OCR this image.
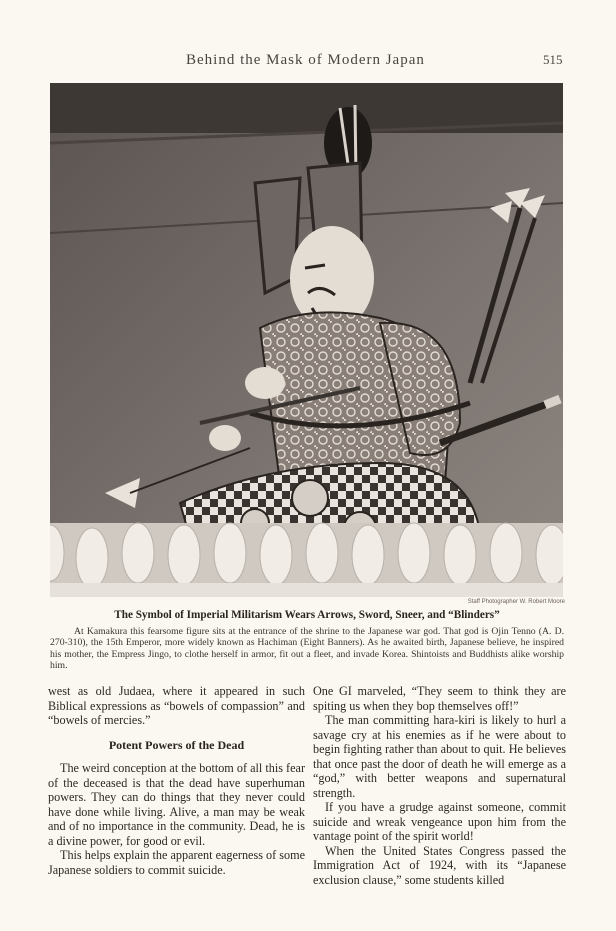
Behind the Mask of Modern Japan	515
Staff Photographer W. Robert Moore
The Symbol of Imperial Militarism Wears Arrows, Sword, Sneer, and “Blinders”
At Kamakura this fearsome figure sits at the entrance of the shrine to the Japanese war god. That god is Ojin Tenno (A. D. 270-310), the 15th Emperor, more widely known as Hachiman (Eight Banners). As he awaited birth, Japanese believe, he inspired his mother, the Empress Jingo, to clothe herself in armor, fit out a fleet, and invade Korea. Shintoists and Buddhists alike worship him.

west as old Judaea, where it appeared in such Biblical expressions as “bowels of compassion” and “bowels of mercies.”

Potent Powers of the Dead

The weird conception at the bottom of all this fear of the deceased is that the dead have superhuman powers. They can do things that they never could have done while living. Alive, a man may be weak and of no importance in the community. Dead, he is a divine power, for good or evil.

This helps explain the apparent eagerness of some Japanese soldiers to commit suicide.

One GI marveled, “They seem to think they are spiting us when they bop themselves off!”

The man committing hara-kiri is likely to hurl a savage cry at his enemies as if he were about to begin fighting rather than about to quit. He believes that once past the door of death he will emerge as a “god,” with better weapons and supernatural strength.

If you have a grudge against someone, commit suicide and wreak vengeance upon him from the vantage point of the spirit world!

When the United States Congress passed the Immigration Act of 1924, with its “Japanese exclusion clause,” some students killed
